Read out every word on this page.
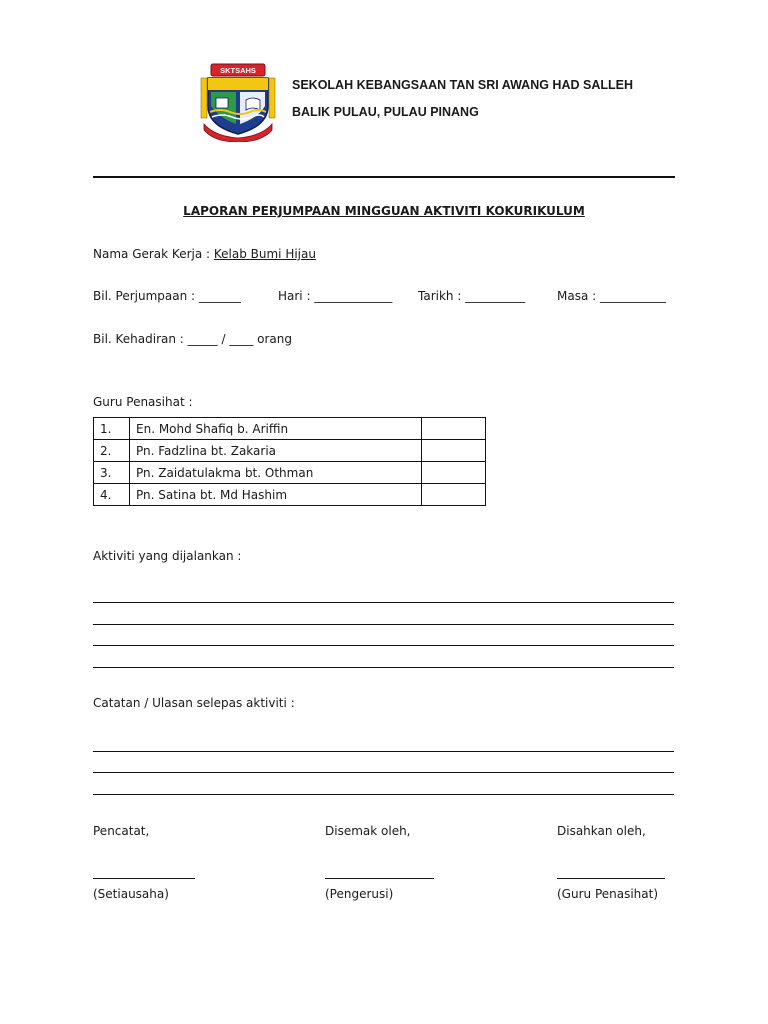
SKTSAHS
SEKOLAH KEBANGSAAN TAN SRI AWANG HAD SALLEH
BALIK PULAU, PULAU PINANG
LAPORAN PERJUMPAAN MINGGUAN AKTIVITI KOKURIKULUM
Nama Gerak Kerja : Kelab Bumi Hijau
Bil. Perjumpaan : _______	Hari : _____________ Tarikh : __________	Masa : ___________
Bil. Kehadiran : _____ / ____ orang
Guru Penasihat :
1.	En. Mohd Shafiq b. Ariffin	
2.	Pn. Fadzlina bt. Zakaria	
3.	Pn. Zaidatulakma bt. Othman	
4.	Pn. Satina bt. Md Hashim	
Aktiviti yang dijalankan :
Catatan / Ulasan selepas aktiviti :
Pencatat,	Disemak oleh,	Disahkan oleh,
(Setiausaha)	(Pengerusi)	(Guru Penasihat)
